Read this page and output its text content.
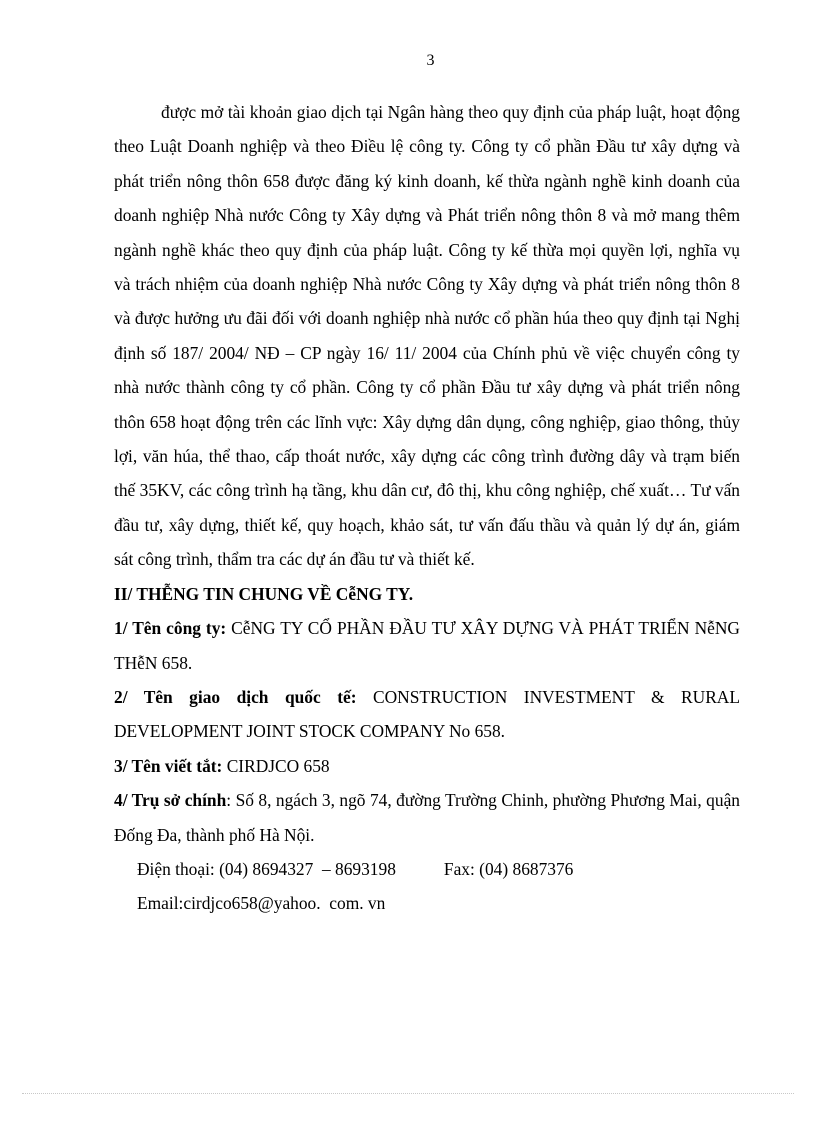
3

được mở tài khoản giao dịch tại Ngân hàng theo quy định của pháp luật, hoạt động theo Luật Doanh nghiệp và theo Điều lệ công ty. Công ty cổ phần Đầu tư xây dựng và phát triển nông thôn 658 được đăng ký kinh doanh, kế thừa ngành nghề kinh doanh của doanh nghiệp Nhà nước Công ty Xây dựng và Phát triển nông thôn 8 và mở mang thêm ngành nghề khác theo quy định của pháp luật. Công ty kế thừa mọi quyền lợi, nghĩa vụ và trách nhiệm của doanh nghiệp Nhà nước Công ty Xây dựng và phát triển nông thôn 8 và được hưởng ưu đãi đối với doanh nghiệp nhà nước cổ phần húa theo quy định tại Nghị định số 187/ 2004/ NĐ – CP ngày 16/ 11/ 2004 của Chính phủ về việc chuyển công ty nhà nước thành công ty cổ phần. Công ty cổ phần Đầu tư xây dựng và phát triển nông thôn 658 hoạt động trên các lĩnh vực: Xây dựng dân dụng, công nghiệp, giao thông, thủy lợi, văn húa, thể thao, cấp thoát nước, xây dựng các công trình đường dây và trạm biến thế 35KV, các công trình hạ tầng, khu dân cư, đô thị, khu công nghiệp, chế xuất… Tư vấn đầu tư, xây dựng, thiết kế, quy hoạch, khảo sát, tư vấn đấu thầu và quản lý dự án, giám sát công trình, thẩm tra các dự án đầu tư và thiết kế.

II/ THỄNG TIN CHUNG VỀ CễNG TY.

1/ Tên công ty: CễNG TY CỔ PHẦN ĐẦU TƯ XÂY DỰNG VÀ PHÁT TRIỂN NễNG THễN 658.

2/ Tên giao dịch quốc tế: CONSTRUCTION INVESTMENT & RURAL DEVELOPMENT JOINT STOCK COMPANY No 658.

3/ Tên viết tắt: CIRDJCO 658

4/ Trụ sở chính: Số 8, ngách 3, ngõ 74, đường Trường Chinh, phường Phương Mai, quận Đống Đa, thành phố Hà Nội.

Điện thoại: (04) 8694327  – 8693198	Fax: (04) 8687376

Email:cirdjco658@yahoo.  com. vn
